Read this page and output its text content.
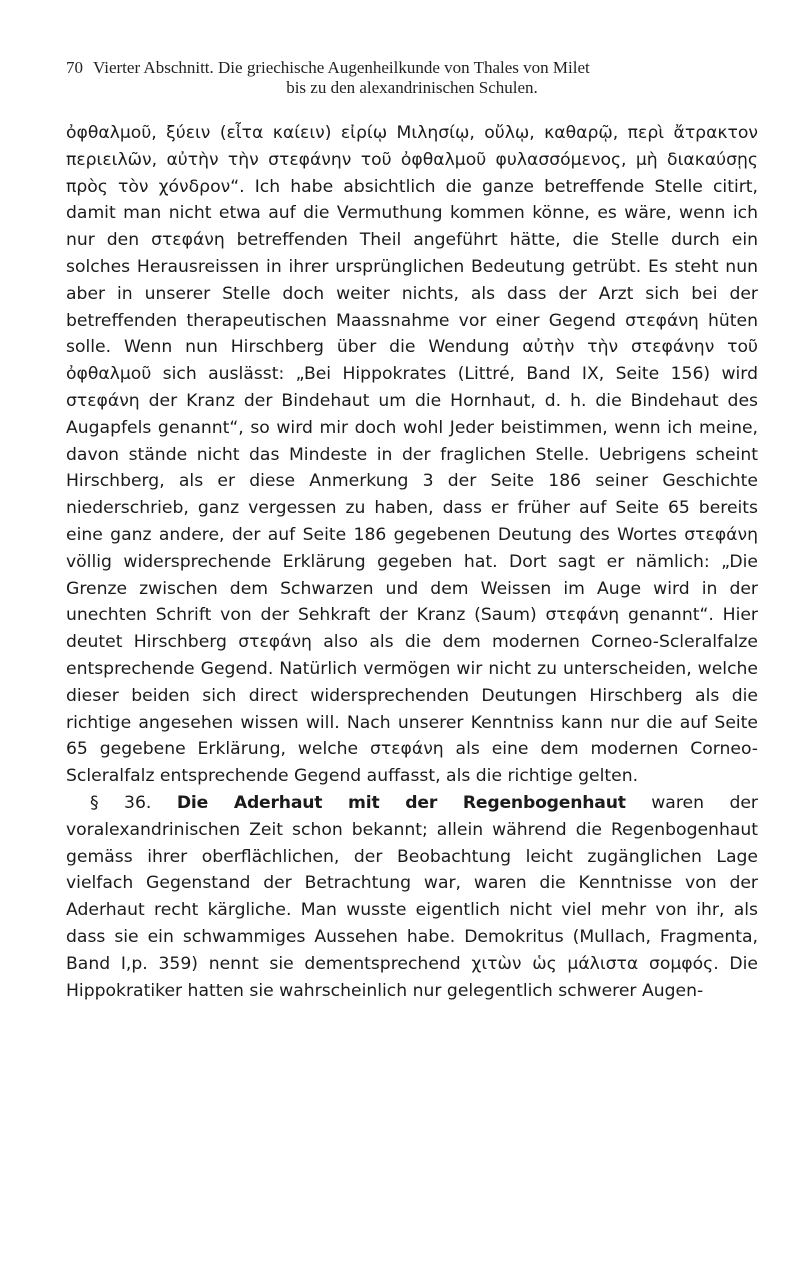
70 Vierter Abschnitt. Die griechische Augenheilkunde von Thales von Milet
bis zu den alexandrinischen Schulen.

ὀφθαλμοῦ, ξύειν (εἶτα καίειν) εἰρίῳ Μιλησίῳ, οὔλῳ, καθαρῷ, περὶ ἄτρακτον περιειλῶν, αὐτὴν τὴν στεφάνην τοῦ ὀφθαλμοῦ φυλασσόμενος, μὴ διακαύσῃς πρὸς τὸν χόνδρον“. Ich habe absichtlich die ganze betreffende Stelle citirt, damit man nicht etwa auf die Vermuthung kommen könne, es wäre, wenn ich nur den στεφάνη betreffenden Theil angeführt hätte, die Stelle durch ein solches Herausreissen in ihrer ursprünglichen Bedeutung getrübt. Es steht nun aber in unserer Stelle doch weiter nichts, als dass der Arzt sich bei der betreffenden therapeutischen Maassnahme vor einer Gegend στεφάνη hüten solle. Wenn nun Hirschberg über die Wendung αὐτὴν τὴν στεφάνην τοῦ ὀφθαλμοῦ sich auslässt: „Bei Hippokrates (Littré, Band IX, Seite 156) wird στεφάνη der Kranz der Bindehaut um die Hornhaut, d. h. die Bindehaut des Augapfels genannt“, so wird mir doch wohl Jeder beistimmen, wenn ich meine, davon stände nicht das Mindeste in der fraglichen Stelle. Uebrigens scheint Hirschberg, als er diese Anmerkung 3 der Seite 186 seiner Geschichte niederschrieb, ganz vergessen zu haben, dass er früher auf Seite 65 bereits eine ganz andere, der auf Seite 186 gegebenen Deutung des Wortes στεφάνη völlig widersprechende Erklärung gegeben hat. Dort sagt er nämlich: „Die Grenze zwischen dem Schwarzen und dem Weissen im Auge wird in der unechten Schrift von der Sehkraft der Kranz (Saum) στεφάνη genannt“. Hier deutet Hirschberg στεφάνη also als die dem modernen Corneo-Scleralfalze entsprechende Gegend. Natürlich vermögen wir nicht zu unterscheiden, welche dieser beiden sich direct widersprechenden Deutungen Hirschberg als die richtige angesehen wissen will. Nach unserer Kenntniss kann nur die auf Seite 65 gegebene Erklärung, welche στεφάνη als eine dem modernen Corneo-Scleralfalz entsprechende Gegend auffasst, als die richtige gelten.

§ 36. Die Aderhaut mit der Regenbogenhaut waren der voralexandrinischen Zeit schon bekannt; allein während die Regenbogenhaut gemäss ihrer oberflächlichen, der Beobachtung leicht zugänglichen Lage vielfach Gegenstand der Betrachtung war, waren die Kenntnisse von der Aderhaut recht kärgliche. Man wusste eigentlich nicht viel mehr von ihr, als dass sie ein schwammiges Aussehen habe. Demokritus (Mullach, Fragmenta, Band I,p. 359) nennt sie dementsprechend χιτὼν ὡς μάλιστα σομφός. Die Hippokratiker hatten sie wahrscheinlich nur gelegentlich schwerer Augen-
